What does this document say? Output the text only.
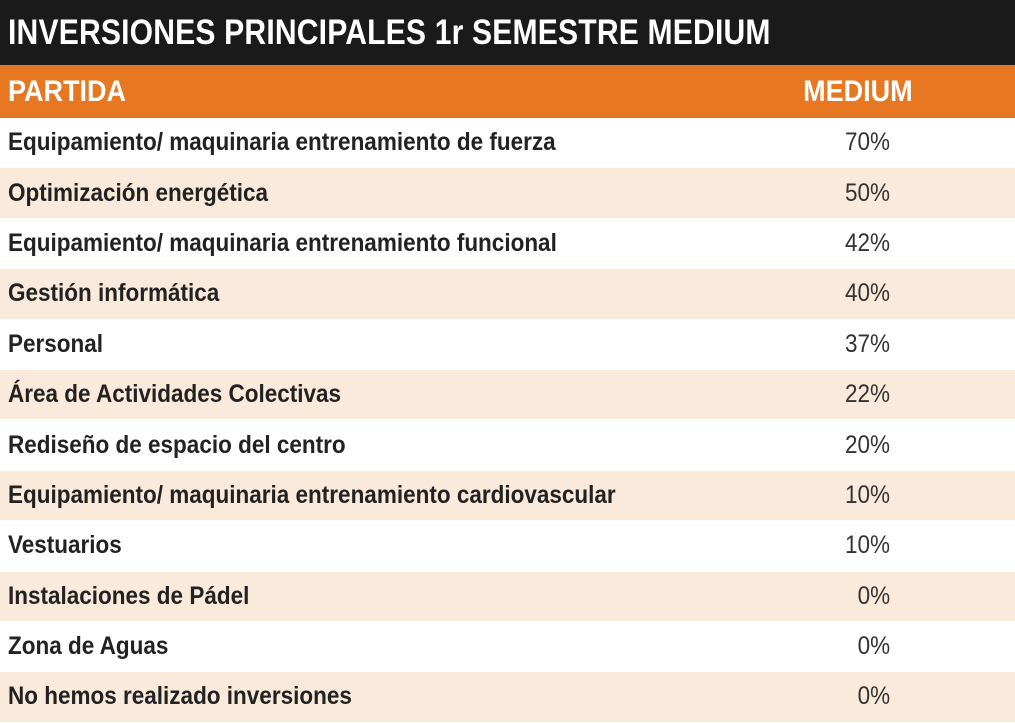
INVERSIONES PRINCIPALES 1r SEMESTRE MEDIUM
PARTIDA	MEDIUM
Equipamiento/ maquinaria entrenamiento de fuerza	70%
Optimización energética	50%
Equipamiento/ maquinaria entrenamiento funcional	42%
Gestión informática	40%
Personal	37%
Área de Actividades Colectivas	22%
Rediseño de espacio del centro	20%
Equipamiento/ maquinaria entrenamiento cardiovascular	10%
Vestuarios	10%
Instalaciones de Pádel	0%
Zona de Aguas	0%
No hemos realizado inversiones	0%
